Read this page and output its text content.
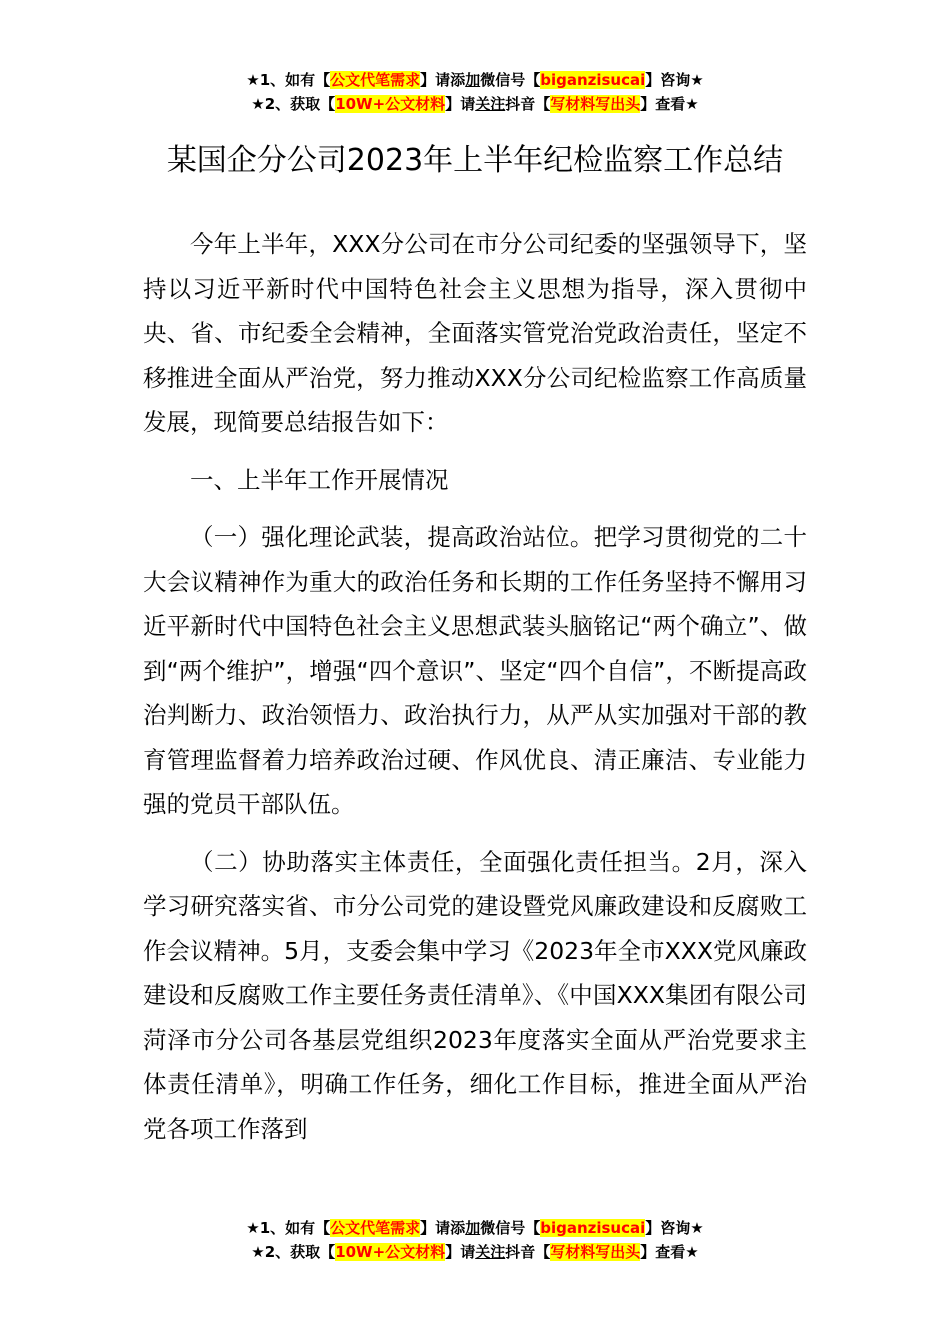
★1、如有【公文代笔需求】请添加微信号【biganzisucai】咨询★
★2、获取【10W+公文材料】请关注抖音【写材料写出头】查看★
某国企分公司2023年上半年纪检监察工作总结

今年上半年，XXX分公司在市分公司纪委的坚强领导下，坚持以习近平新时代中国特色社会主义思想为指导，深入贯彻中央、省、市纪委全会精神，全面落实管党治党政治责任，坚定不移推进全面从严治党，努力推动XXX分公司纪检监察工作高质量发展，现简要总结报告如下：

一、上半年工作开展情况

（一）强化理论武装，提高政治站位。把学习贯彻党的二十大会议精神作为重大的政治任务和长期的工作任务坚持不懈用习近平新时代中国特色社会主义思想武装头脑铭记“两个确立”、做到“两个维护”，增强“四个意识”、坚定“四个自信”，不断提高政治判断力、政治领悟力、政治执行力，从严从实加强对干部的教育管理监督着力培养政治过硬、作风优良、清正廉洁、专业能力强的党员干部队伍。

（二）协助落实主体责任，全面强化责任担当。2月，深入学习研究落实省、市分公司党的建设暨党风廉政建设和反腐败工作会议精神。5月，支委会集中学习《2023年全市XXX党风廉政建设和反腐败工作主要任务责任清单》、《中国XXX集团有限公司菏泽市分公司各基层党组织2023年度落实全面从严治党要求主体责任清单》，明确工作任务，细化工作目标，推进全面从严治党各项工作落到

★1、如有【公文代笔需求】请添加微信号【biganzisucai】咨询★
★2、获取【10W+公文材料】请关注抖音【写材料写出头】查看★
